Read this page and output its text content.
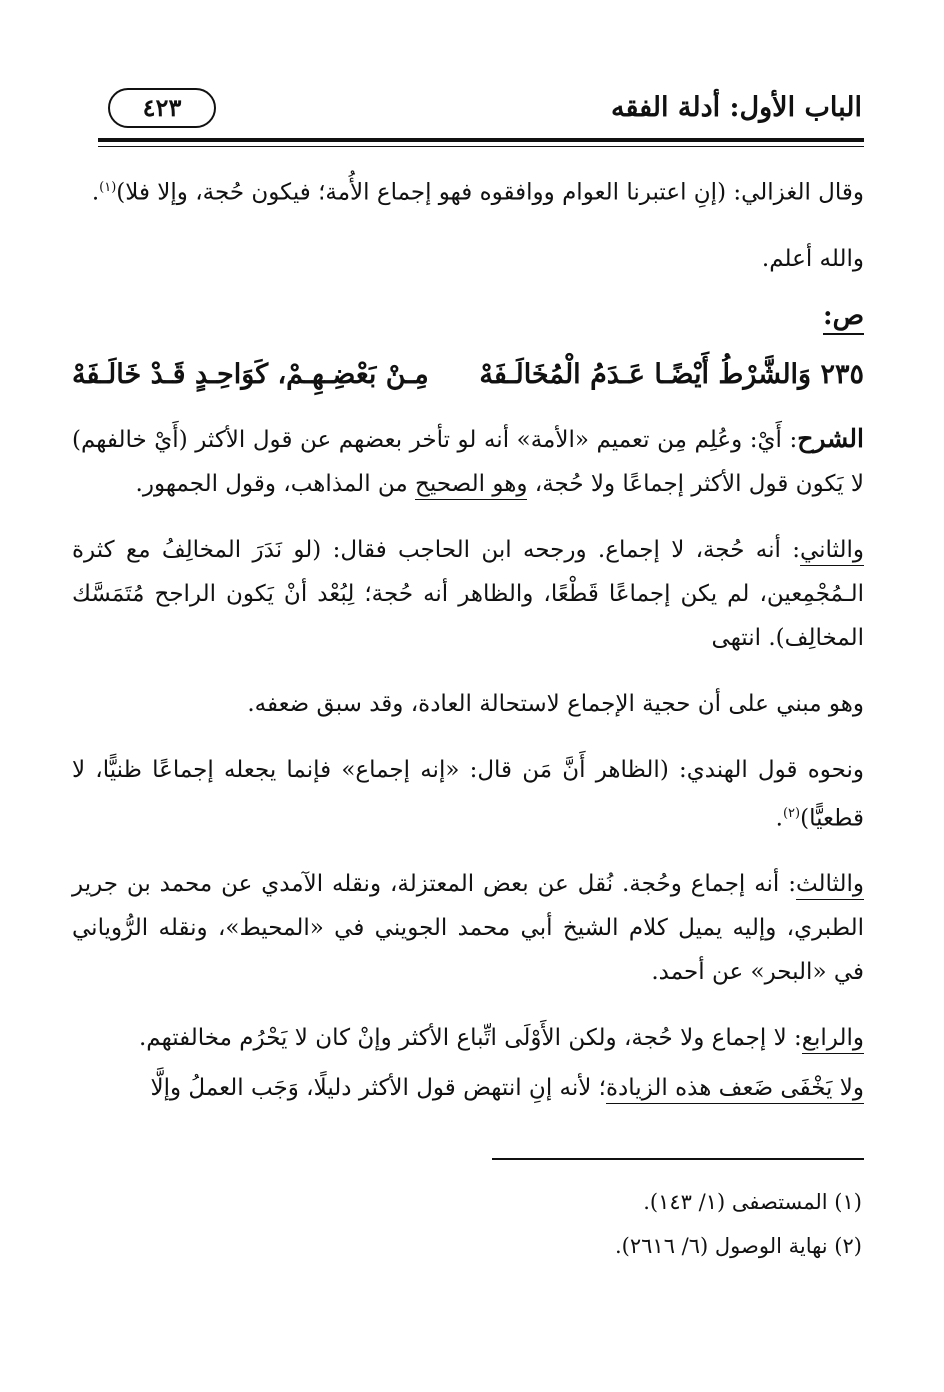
الباب الأول: أدلة الفقه
٤٢٣

وقال الغزالي: (إنِ اعتبرنا العوام ووافقوه فهو إجماع الأُمة؛ فيكون حُجة، وإلا فلا)$^{(١)}$.

والله أعلم.

ص:
٢٣٥ وَالشَّرْطُ أَيْضًـا عَـدَمُ الْمُخَالَـفَهْ
مِـنْ بَعْضِـهِـمْ، كَوَاحِـدٍ قَـدْ خَالَـفَهْ

الشرح: أَيْ: وعُلِم مِن تعميم «الأمة» أنه لو تأخر بعضهم عن قول الأكثر (أَيْ خالفهم) لا يَكون قول الأكثر إجماعًا ولا حُجة، وهو الصحيح من المذاهب، وقول الجمهور.

والثاني: أنه حُجة، لا إجماع. ورجحه ابن الحاجب فقال: (لو نَدَرَ المخالِفُ مع كثرة الـمُجْمِعين، لم يكن إجماعًا قَطْعًا، والظاهر أنه حُجة؛ لِبُعْد أنْ يَكون الراجح مُتَمَسَّك المخالِف). انتهى

وهو مبني على أن حجية الإجماع لاستحالة العادة، وقد سبق ضعفه.

ونحوه قول الهندي: (الظاهر أَنَّ مَن قال: «إنه إجماع» فإنما يجعله إجماعًا ظنيًّا، لا قطعيًّا)$^{(٢)}$.

والثالث: أنه إجماع وحُجة. نُقل عن بعض المعتزلة، ونقله الآمدي عن محمد بن جرير الطبري، وإليه يميل كلام الشيخ أبي محمد الجويني في «المحيط»، ونقله الرُّوياني في «البحر» عن أحمد.

والرابع: لا إجماع ولا حُجة، ولكن الأَوْلَى اتِّباع الأكثر وإنْ كان لا يَحْرُم مخالفتهم.

ولا يَخْفَى ضَعف هذه الزيادة؛ لأنه إنِ انتهض قول الأكثر دليلًا، وَجَب العملُ وإلَّا

(١) المستصفى (١/ ١٤٣).

(٢) نهاية الوصول (٦/ ٢٦١٦).
